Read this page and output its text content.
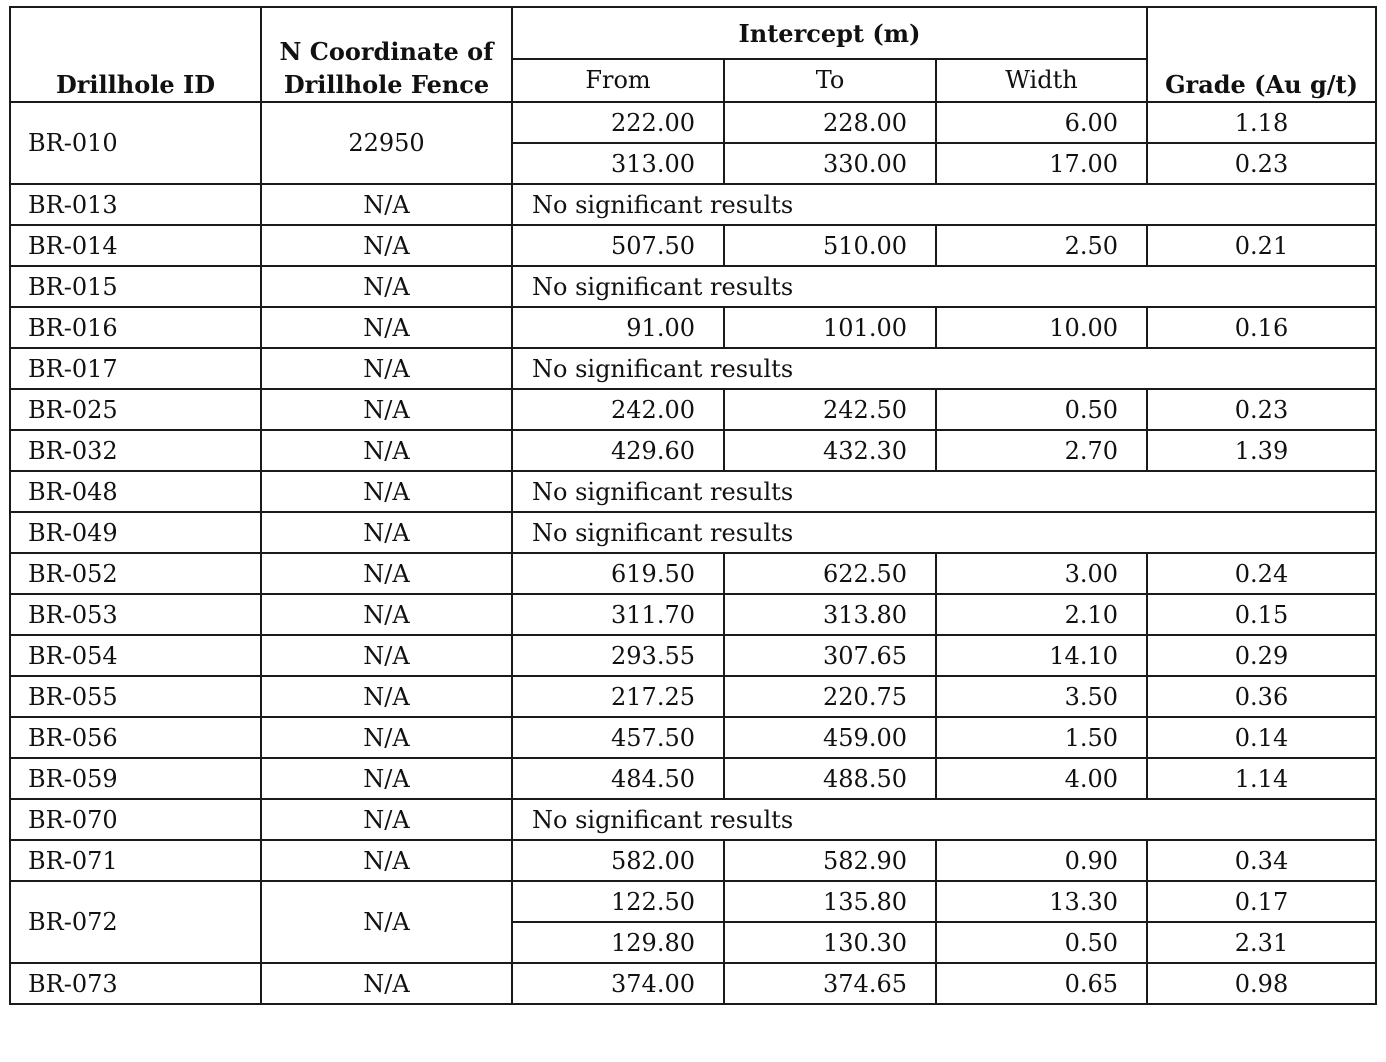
Drillhole ID	N Coordinate of Drillhole Fence	Intercept (m)			Grade (Au g/t)
		From	To	Width	
BR-010	22950	222.00	228.00	6.00	1.18
		313.00	330.00	17.00	0.23
BR-013	N/A	No significant results			
BR-014	N/A	507.50	510.00	2.50	0.21
BR-015	N/A	No significant results			
BR-016	N/A	91.00	101.00	10.00	0.16
BR-017	N/A	No significant results			
BR-025	N/A	242.00	242.50	0.50	0.23
BR-032	N/A	429.60	432.30	2.70	1.39
BR-048	N/A	No significant results			
BR-049	N/A	No significant results			
BR-052	N/A	619.50	622.50	3.00	0.24
BR-053	N/A	311.70	313.80	2.10	0.15
BR-054	N/A	293.55	307.65	14.10	0.29
BR-055	N/A	217.25	220.75	3.50	0.36
BR-056	N/A	457.50	459.00	1.50	0.14
BR-059	N/A	484.50	488.50	4.00	1.14
BR-070	N/A	No significant results			
BR-071	N/A	582.00	582.90	0.90	0.34
BR-072	N/A	122.50	135.80	13.30	0.17
		129.80	130.30	0.50	2.31
BR-073	N/A	374.00	374.65	0.65	0.98
